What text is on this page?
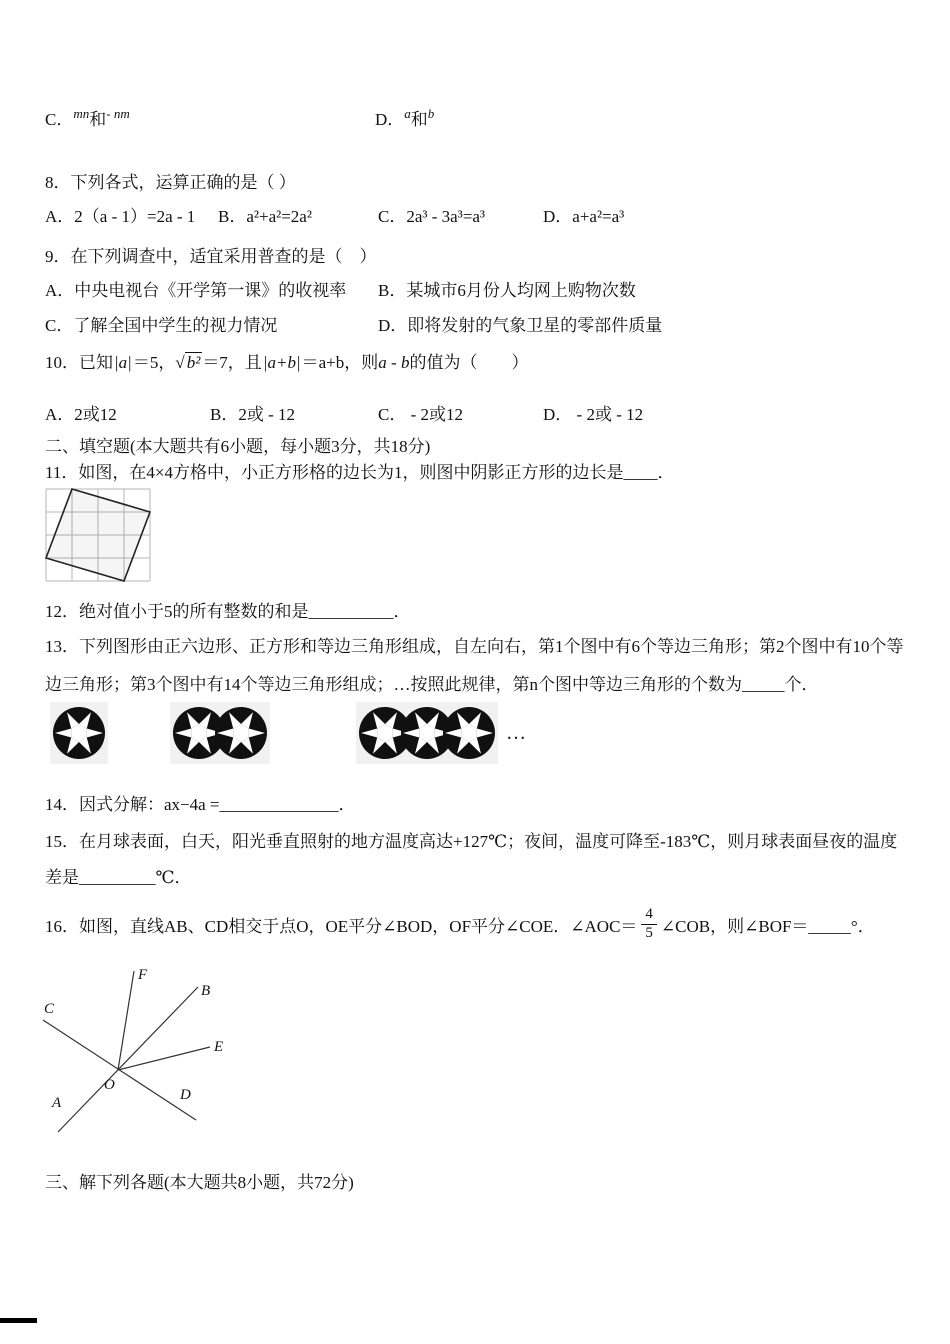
C．$^{mn}$和$^{- nm}$	D．$^a$和$^b$
8．下列各式，运算正确的是（ ）
A．2（a - 1）=2a - 1	B．a²+a²=2a²	C．2a³ - 3a³=a³	D．a+a²=a³
9．在下列调查中，适宜采用普查的是（　）
A．中央电视台《开学第一课》的收视率	B．某城市6月份人均网上购物次数
C．了解全国中学生的视力情况	D．即将发射的气象卫星的零部件质量
10．已知|a|＝5，√ b² ＝7，且|a+b|＝a+b，则a - b的值为（　　）
A．2或12	B．2或 - 12	C． - 2或12	D． - 2或 - 12
二、填空题(本大题共有6小题，每小题3分，共18分)
11．如图，在4×4方格中，小正方形格的边长为1，则图中阴影正方形的边长是____．
12．绝对值小于5的所有整数的和是__________．
13．下列图形由正六边形、正方形和等边三角形组成，自左向右，第1个图中有6个等边三角形；第2个图中有10个等边三角形；第3个图中有14个等边三角形组成；…按照此规律，第n个图中等边三角形的个数为_____个．
…
14．因式分解：ax−4a =______________．
15．在月球表面，白天，阳光垂直照射的地方温度高达+127℃；夜间，温度可降至-183℃，则月球表面昼夜的温度差是_________℃．
16．如图，直线AB、CD相交于点O，OE平分∠BOD，OF平分∠COE．∠AOC＝ $\frac{4}{5}$ ∠COB，则∠BOF＝_____°．
F
B
C
E
O
A	D
三、解下列各题(本大题共8小题，共72分)
